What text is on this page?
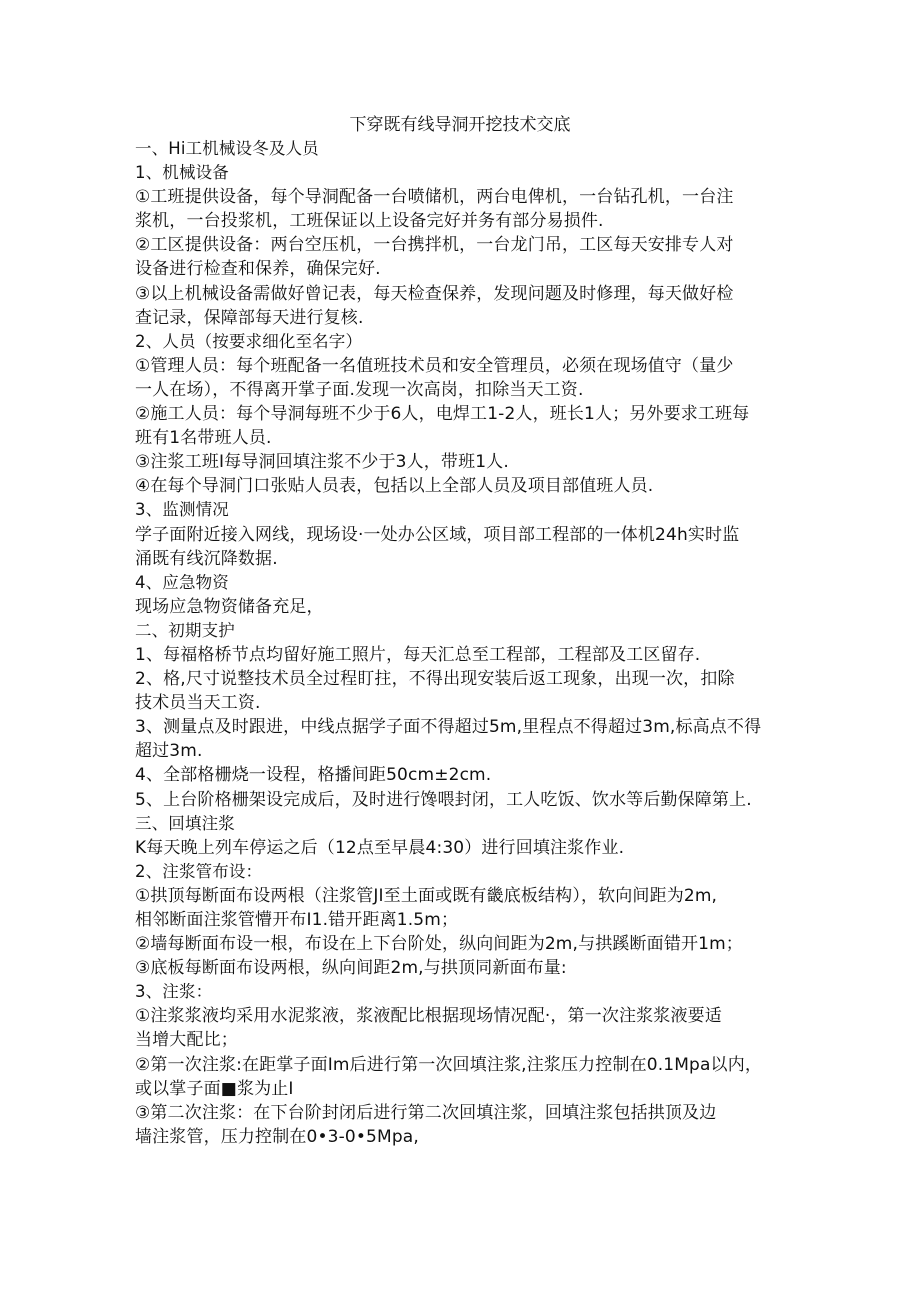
下穿既有线导洞开挖技术交底
一、Hi工机械设冬及人员
1、机械设备
①工班提供设备，每个导洞配备一台喷储机，两台电俾机，一台钻孔机，一台注
浆机，一台投浆机，工班保证以上设备完好并务有部分易损件.
②工区提供设备：两台空压机，一台携拌机，一台龙门吊，工区每天安排专人对
设备进行检查和保养，确保完好.
③以上机械设备需做好曾记表，每天检查保养，发现问题及时修理，每天做好检
查记录，保障部每天进行复核.
2、人员（按要求细化至名字）
①管理人员：每个班配备一名值班技术员和安全管理员，必须在现场值守（量少
一人在场），不得离开掌子面.发现一次高岗，扣除当天工资.
②施工人员：每个导洞每班不少于6人，电焊工1-2人，班长1人；另外要求工班每
班有1名带班人员.
③注浆工班I每导洞回填注浆不少于3人，带班1人.
④在每个导洞门口张贴人员表，包括以上全部人员及项目部值班人员.
3、监测情况
学子面附近接入网线，现场设·一处办公区域，项目部工程部的一体机24h实时监
涌既有线沉降数据.
4、应急物资
现场应急物资储备充足，
二、初期支护
1、每福格桥节点均留好施工照片，每天汇总至工程部，工程部及工区留存.
2、格,尺寸说整技术员全过程盯拄，不得出现安装后返工现象，出现一次，扣除
技术员当天工资.
3、测量点及时跟进，中线点据学子面不得超过5m,里程点不得超过3m,标高点不得
超过3m.
4、全部格栅烧一设程，格播间距50cm±2cm.
5、上台阶格栅架设完成后，及时进行馋喂封闭，工人吃饭、饮水等后勤保障第上.
三、回填注浆
K每天晚上列车停运之后（12点至早晨4:30）进行回填注浆作业.
2、注浆管布设：
①拱顶每断面布设两根（注浆管JI至土面或既有畿底板结构），软向间距为2m,
相邻断面注浆管懵开布I1.错开距离1.5m；
②墙每断面布设一根，布设在上下台阶处，纵向间距为2m,与拱蹊断面错开1m；
③底板每断面布设两根，纵向间距2m,与拱顶同新面布量:
3、注浆：
①注浆浆液均采用水泥浆液，浆液配比根据现场情况配·，第一次注浆浆液要适
当增大配比；
②第一次注浆:在距掌子面Im后进行第一次回填注浆,注浆压力控制在0.1Mpa以内，
或以掌子面■浆为止I
③第二次注浆：在下台阶封闭后进行第二次回填注浆，回填注浆包括拱顶及边
墙注浆管，压力控制在0•3-0•5Mpa,
